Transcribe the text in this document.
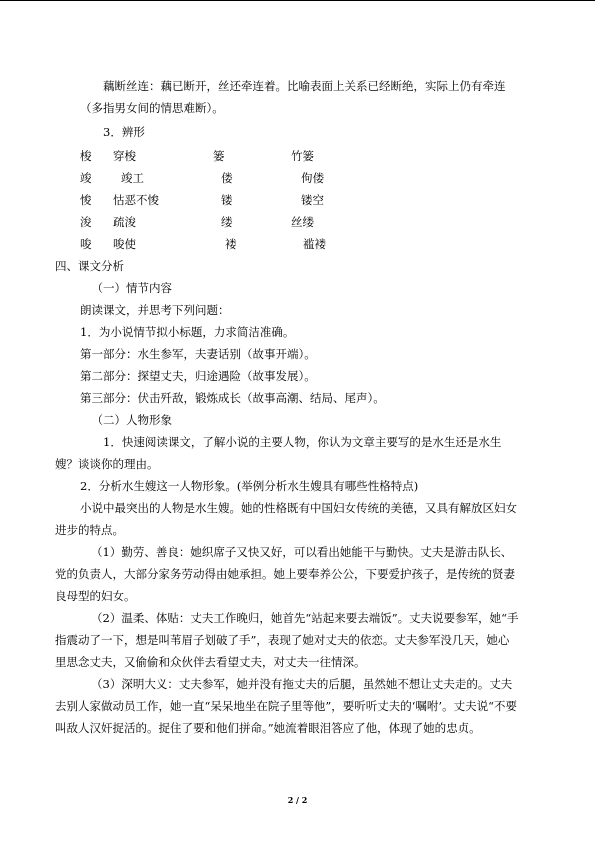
藕断丝连：藕已断开，丝还牵连着。比喻表面上关系已经断绝，实际上仍有牵连（多指男女间的情思难断）。

3．辨形

梭	穿梭	篓	竹篓
竣	竣工	偻	佝偻
悛	怙恶不悛	镂	镂空
浚	疏浚	缕	丝缕
唆	唆使	褛	褴褛

四、课文分析

（一）情节内容

朗读课文，并思考下列问题：

1．为小说情节拟小标题，力求简洁准确。

第一部分：水生参军，夫妻话别（故事开端）。

第二部分：探望丈夫，归途遇险（故事发展）。

第三部分：伏击歼敌，锻炼成长（故事高潮、结局、尾声）。

（二）人物形象

1．快速阅读课文，了解小说的主要人物，你认为文章主要写的是水生还是水生嫂？谈谈你的理由。

2．分析水生嫂这一人物形象。(举例分析水生嫂具有哪些性格特点)

小说中最突出的人物是水生嫂。她的性格既有中国妇女传统的美德，又具有解放区妇女进步的特点。

（1）勤劳、善良：她织席子又快又好，可以看出她能干与勤快。丈夫是游击队长、党的负责人，大部分家务劳动得由她承担。她上要奉养公公，下要爱护孩子，是传统的贤妻良母型的妇女。

（2）温柔、体贴：丈夫工作晚归，她首先“站起来要去端饭”。丈夫说要参军，她“手指震动了一下，想是叫苇眉子划破了手”，表现了她对丈夫的依恋。丈夫参军没几天，她心里思念丈夫，又偷偷和众伙伴去看望丈夫，对丈夫一往情深。

（3）深明大义：丈夫参军，她并没有拖丈夫的后腿，虽然她不想让丈夫走的。丈夫去别人家做动员工作，她一直“呆呆地坐在院子里等他”，要听听丈夫的‘嘱咐’。丈夫说“不要叫敌人汉奸捉活的。捉住了要和他们拼命。”她流着眼泪答应了他，体现了她的忠贞。

2 / 2
